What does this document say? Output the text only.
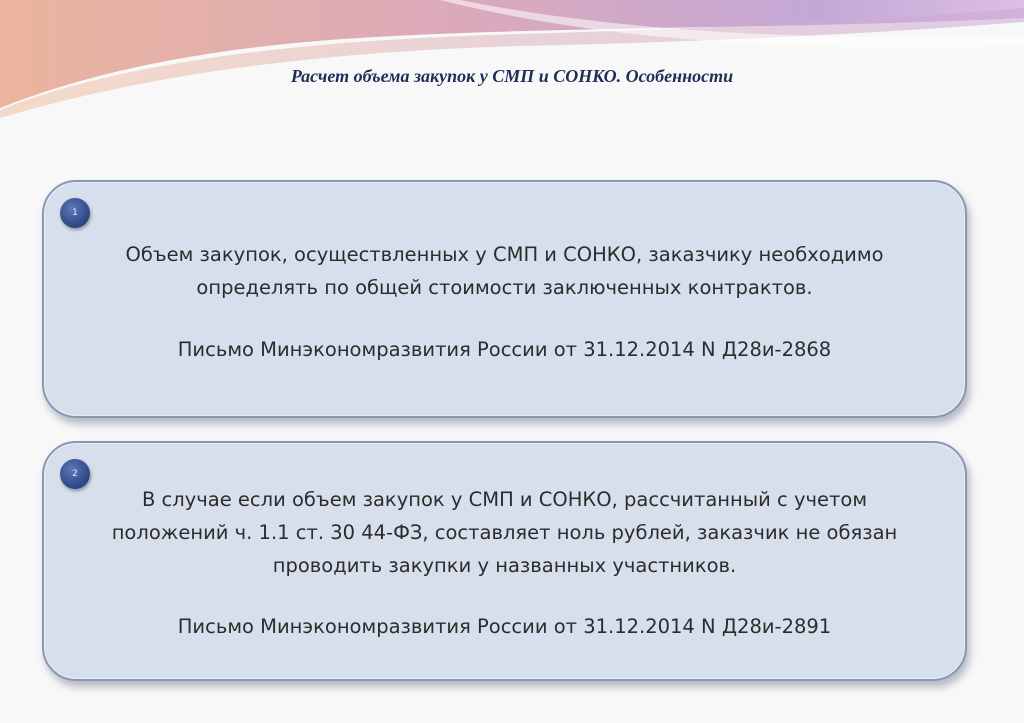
Расчет объема закупок у СМП и СОНКО. Особенности
1
Объем закупок, осуществленных у СМП и СОНКО, заказчику необходимо
определять по общей стоимости заключенных контрактов.
Письмо Минэкономразвития России от 31.12.2014 N Д28и-2868
2
В случае если объем закупок у СМП и СОНКО, рассчитанный с учетом
положений ч. 1.1 ст. 30 44-ФЗ, составляет ноль рублей, заказчик не обязан
проводить закупки у названных участников.
Письмо Минэкономразвития России от 31.12.2014 N Д28и-2891
